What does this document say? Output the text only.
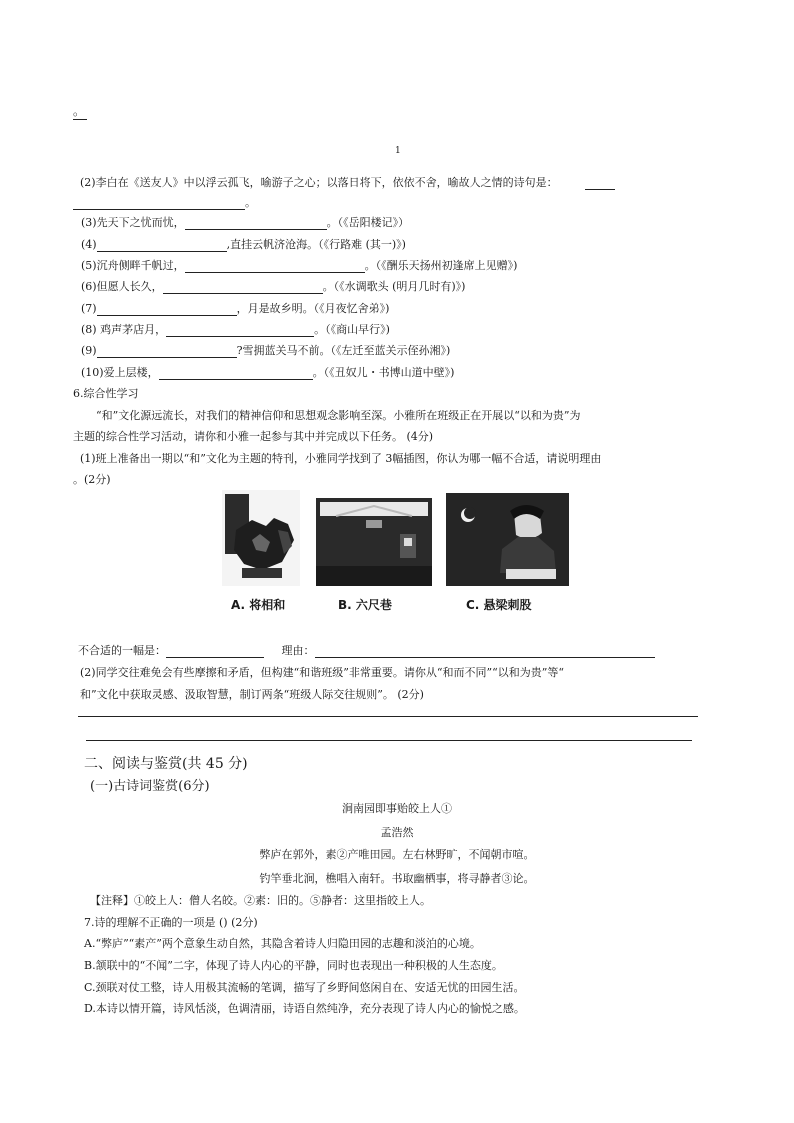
。
1
(2)李白在《送友人》中以浮云孤飞，喻游子之心；以落日将下，依依不舍，喻故人之情的诗句是：
。
(3)先天下之忧而忧，	。（《岳阳楼记》）
(4)	,直挂云帆济沧海。（《行路难 (其一)》)
(5)沉舟侧畔千帆过，	。（《酬乐天扬州初逢席上见赠》)
(6)但愿人长久，	。（《水调歌头 (明月几时有)》)
(7)	，月是故乡明。（《月夜忆舍弟》)
(8) 鸡声茅店月，	。（《商山早行》)
(9)	?雪拥蓝关马不前。（《左迁至蓝关示侄孙湘》)
(10)爱上层楼，	。（《丑奴儿・书博山道中壁》)
6.综合性学习
“和”文化源远流长，对我们的精神信仰和思想观念影响至深。小雅所在班级正在开展以“以和为贵”为
主题的综合性学习活动，请你和小雅一起参与其中并完成以下任务。 (4分)
(1)班上准备出一期以“和”文化为主题的特刊，小雅同学找到了 3幅插图，你认为哪一幅不合适，请说明理由
。(2分)
A. 将相和	B. 六尺巷	C. 悬梁刺股
不合适的一幅是：	理由：
(2)同学交往难免会有些摩擦和矛盾，但构建“和谐班级”非常重要。请你从“和而不同”“以和为贵”等“
和”文化中获取灵感、汲取智慧，制订两条“班级人际交往规则”。 (2分)
二、阅读与鉴赏(共 45 分)
(一)古诗词鉴赏(6分)
涧南园即事贻皎上人①
孟浩然
弊庐在郭外，素②产唯田园。左右林野旷，不闻朝市喧。
钓竿垂北涧，樵唱入南轩。书取幽栖事，将寻静者③论。
【注释】①皎上人：僧人名皎。②素：旧的。⑤静者：这里指皎上人。
7.诗的理解不正确的一项是 () (2分)
A.“弊庐”“素产”两个意象生动自然，其隐含着诗人归隐田园的志趣和淡泊的心境。
B.颔联中的“不闻”二字，体现了诗人内心的平静，同时也表现出一种积极的人生态度。
C.颈联对仗工整，诗人用极其流畅的笔调，描写了乡野间悠闲自在、安适无忧的田园生活。
D.本诗以情开篇，诗风恬淡，色调清丽，诗语自然纯净，充分表现了诗人内心的愉悦之感。
